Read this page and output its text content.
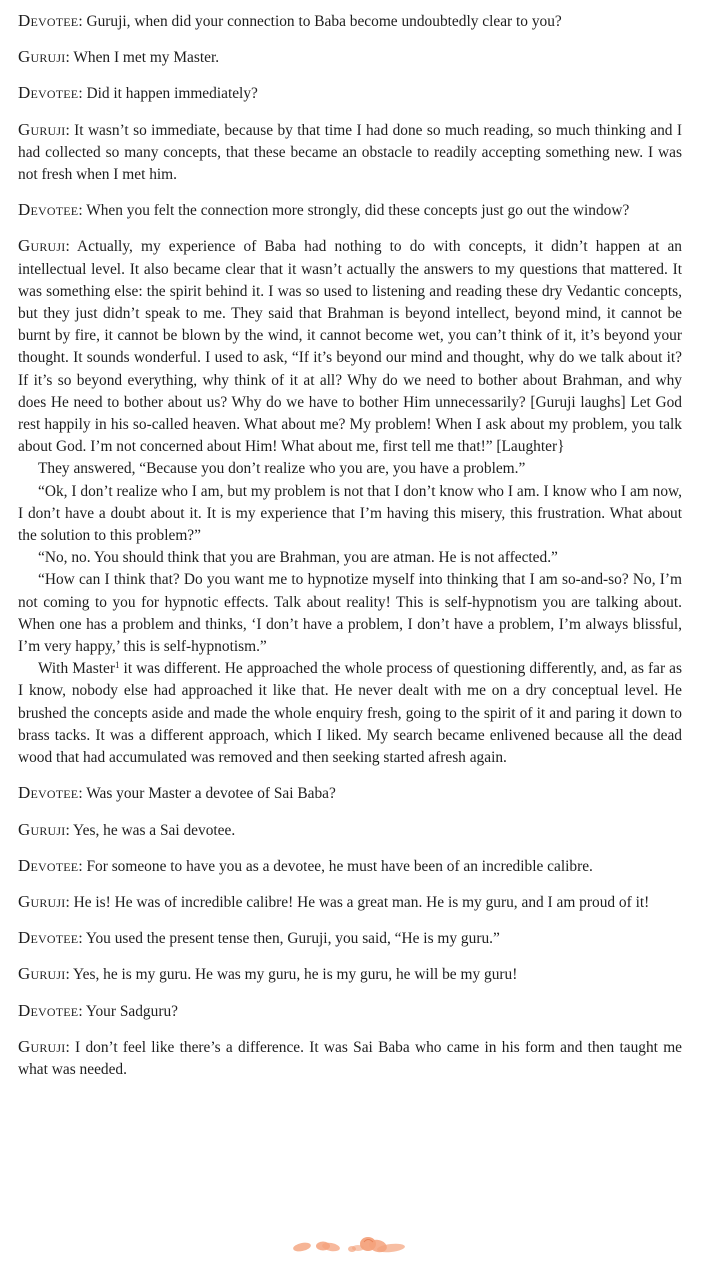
Devotee: Guruji, when did your connection to Baba become undoubtedly clear to you?

Guruji: When I met my Master.

Devotee: Did it happen immediately?

Guruji: It wasn’t so immediate, because by that time I had done so much reading, so much thinking and I had collected so many concepts, that these became an obstacle to readily accepting something new. I was not fresh when I met him.

Devotee: When you felt the connection more strongly, did these concepts just go out the window?

Guruji: Actually, my experience of Baba had nothing to do with concepts, it didn’t happen at an intellectual level. It also became clear that it wasn’t actually the answers to my questions that mattered. It was something else: the spirit behind it. I was so used to listening and reading these dry Vedantic concepts, but they just didn’t speak to me. They said that Brahman is beyond intellect, beyond mind, it cannot be burnt by fire, it cannot be blown by the wind, it cannot become wet, you can’t think of it, it’s beyond your thought. It sounds wonderful. I used to ask, “If it’s beyond our mind and thought, why do we talk about it? If it’s so beyond everything, why think of it at all? Why do we need to bother about Brahman, and why does He need to bother about us? Why do we have to bother Him unnecessarily? [Guruji laughs] Let God rest happily in his so-called heaven. What about me? My problem! When I ask about my problem, you talk about God. I’m not concerned about Him! What about me, first tell me that!” [Laughter}

They answered, “Because you don’t realize who you are, you have a problem.”

“Ok, I don’t realize who I am, but my problem is not that I don’t know who I am. I know who I am now, I don’t have a doubt about it. It is my experience that I’m having this misery, this frustration. What about the solution to this problem?”

“No, no. You should think that you are Brahman, you are atman. He is not affected.”

“How can I think that? Do you want me to hypnotize myself into thinking that I am so-and-so? No, I’m not coming to you for hypnotic effects. Talk about reality! This is self-hypnotism you are talking about. When one has a problem and thinks, ‘I don’t have a problem, I don’t have a problem, I’m always blissful, I’m very happy,’ this is self-hypnotism.”

With Master$^1$ it was different. He approached the whole process of questioning differently, and, as far as I know, nobody else had approached it like that. He never dealt with me on a dry conceptual level. He brushed the concepts aside and made the whole enquiry fresh, going to the spirit of it and paring it down to brass tacks. It was a different approach, which I liked. My search became enlivened because all the dead wood that had accumulated was removed and then seeking started afresh again.

Devotee: Was your Master a devotee of Sai Baba?

Guruji: Yes, he was a Sai devotee.

Devotee: For someone to have you as a devotee, he must have been of an incredible calibre.

Guruji: He is! He was of incredible calibre! He was a great man. He is my guru, and I am proud of it!

Devotee: You used the present tense then, Guruji, you said, “He is my guru.”

Guruji: Yes, he is my guru. He was my guru, he is my guru, he will be my guru!

Devotee: Your Sadguru?

Guruji: I don’t feel like there’s a difference. It was Sai Baba who came in his form and then taught me what was needed.
